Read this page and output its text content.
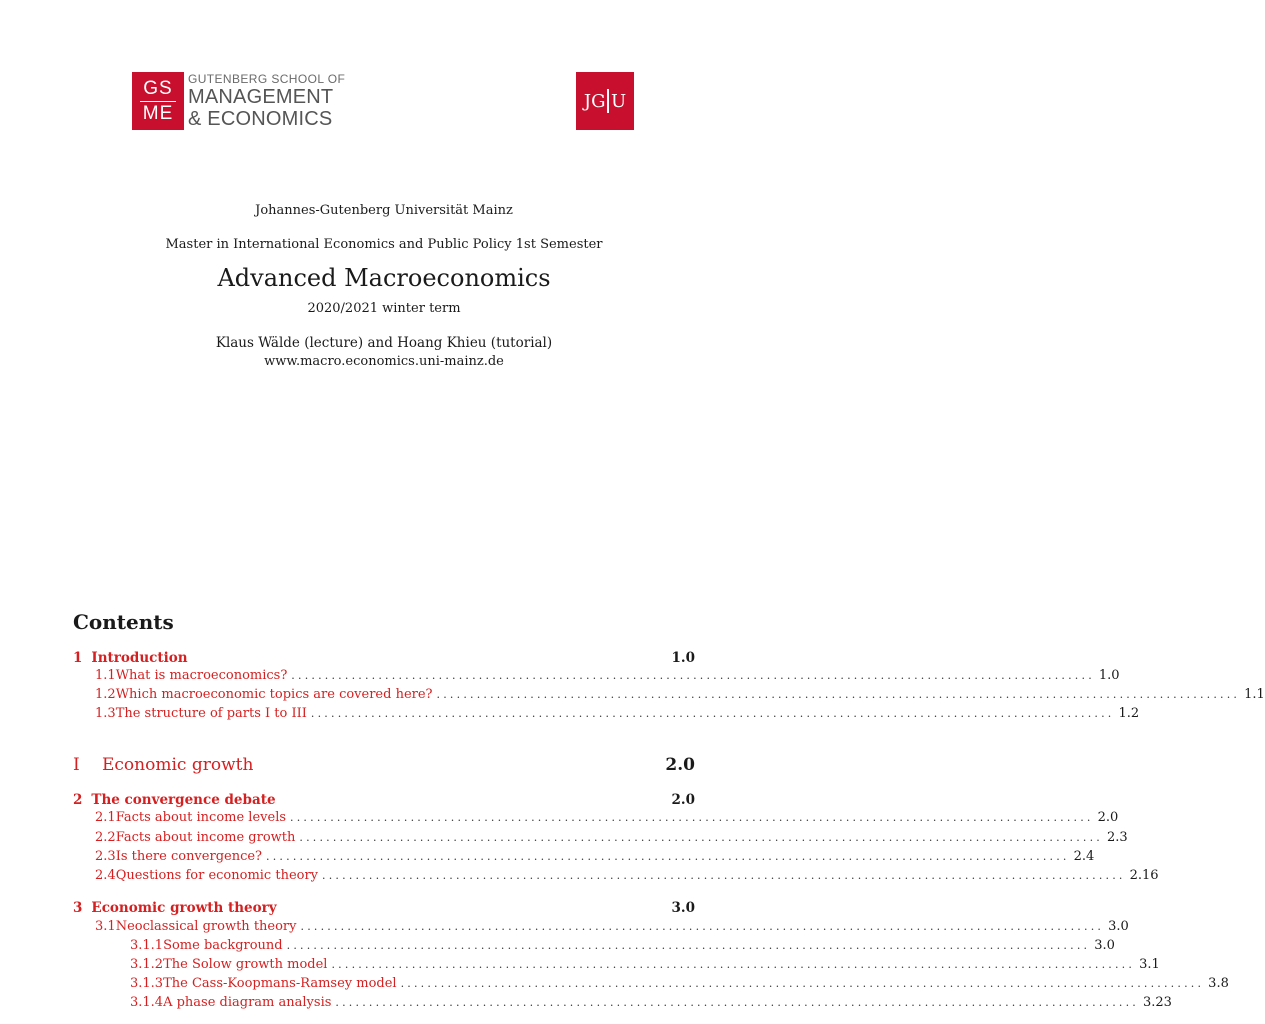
GS
ME
GUTENBERG SCHOOL OF
MANAGEMENT
& ECONOMICS
JG U
Johannes-Gutenberg Universität Mainz
Master in International Economics and Public Policy 1st Semester
Advanced Macroeconomics
2020/2021 winter term
Klaus Wälde (lecture) and Hoang Khieu (tutorial)
www.macro.economics.uni-mainz.de
Contents
1 Introduction	1.0
1.1 What is macroeconomics? ........................................................................................................................ 1.0
1.2 Which macroeconomic topics are covered here? ........................................................................................................................ 1.1
1.3 The structure of parts I to III ........................................................................................................................ 1.2
I	Economic growth	2.0
2 The convergence debate	2.0
2.1 Facts about income levels ........................................................................................................................ 2.0
2.2 Facts about income growth ........................................................................................................................ 2.3
2.3 Is there convergence? ........................................................................................................................ 2.4
2.4 Questions for economic theory ........................................................................................................................ 2.16
3 Economic growth theory	3.0
3.1 Neoclassical growth theory ........................................................................................................................ 3.0
3.1.1 Some background ........................................................................................................................ 3.0
3.1.2 The Solow growth model ........................................................................................................................ 3.1
3.1.3 The Cass-Koopmans-Ramsey model ........................................................................................................................ 3.8
3.1.4 A phase diagram analysis ........................................................................................................................ 3.23
